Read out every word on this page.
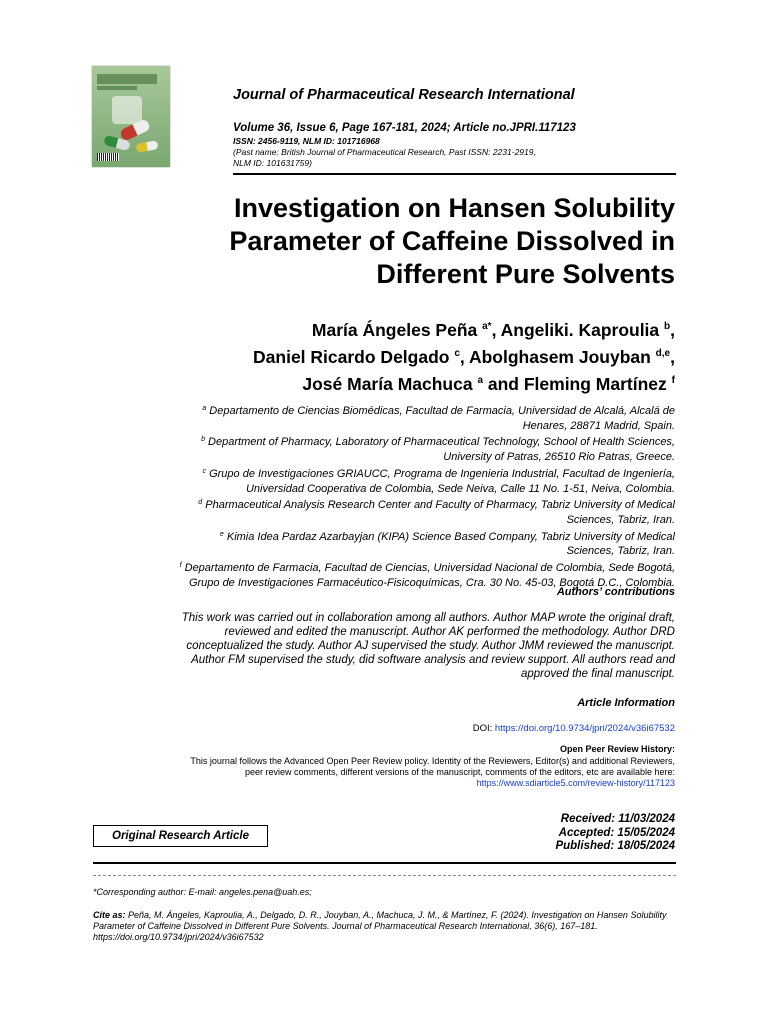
Journal of Pharmaceutical Research International
Volume 36, Issue 6, Page 167-181, 2024; Article no.JPRI.117123
ISSN: 2456-9119, NLM ID: 101716968
(Past name: British Journal of Pharmaceutical Research, Past ISSN: 2231-2919,
NLM ID: 101631759)
Investigation on Hansen Solubility
Parameter of Caffeine Dissolved in
Different Pure Solvents
María Ángeles Peña $^{a*}$, Angeliki. Kaproulia $^b$,
Daniel Ricardo Delgado $^c$, Abolghasem Jouyban $^{d,e}$,
José María Machuca $^a$ and Fleming Martínez $^f$
$^a$ Departamento de Ciencias Biomédicas, Facultad de Farmacia, Universidad de Alcalá, Alcalá de
Henares, 28871 Madrid, Spain.
$^b$ Department of Pharmacy, Laboratory of Pharmaceutical Technology, School of Health Sciences,
University of Patras, 26510 Rio Patras, Greece.
$^c$ Grupo de Investigaciones GRIAUCC, Programa de Ingenieria Industrial, Facultad de Ingeniería,
Universidad Cooperativa de Colombia, Sede Neiva, Calle 11 No. 1-51, Neiva, Colombia.
$^d$ Pharmaceutical Analysis Research Center and Faculty of Pharmacy, Tabriz University of Medical
Sciences, Tabriz, Iran.
$^e$ Kimia Idea Pardaz Azarbayjan (KIPA) Science Based Company, Tabriz University of Medical
Sciences, Tabriz, Iran.
$^f$ Departamento de Farmacia, Facultad de Ciencias, Universidad Nacional de Colombia, Sede Bogotá,
Grupo de Investigaciones Farmacéutico-Fisicoquímicas, Cra. 30 No. 45-03, Bogotá D.C., Colombia.
Authors’ contributions
This work was carried out in collaboration among all authors. Author MAP wrote the original draft,
reviewed and edited the manuscript. Author AK performed the methodology. Author DRD
conceptualized the study. Author AJ supervised the study. Author JMM reviewed the manuscript.
Author FM supervised the study, did software analysis and review support. All authors read and
approved the final manuscript.
Article Information
DOI: https://doi.org/10.9734/jpri/2024/v36i67532
Open Peer Review History:
This journal follows the Advanced Open Peer Review policy. Identity of the Reviewers, Editor(s) and additional Reviewers,
peer review comments, different versions of the manuscript, comments of the editors, etc are available here:
https://www.sdiarticle5.com/review-history/117123
Original Research Article
Received: 11/03/2024
Accepted: 15/05/2024
Published: 18/05/2024
*Corresponding author: E-mail: angeles.pena@uah.es;
Cite as: Peña, M. Ángeles, Kaproulia, A., Delgado, D. R., Jouyban, A., Machuca, J. M., & Martínez, F. (2024). Investigation on Hansen Solubility Parameter of Caffeine Dissolved in Different Pure Solvents. Journal of Pharmaceutical Research International, 36(6), 167–181. https://doi.org/10.9734/jpri/2024/v36i67532
